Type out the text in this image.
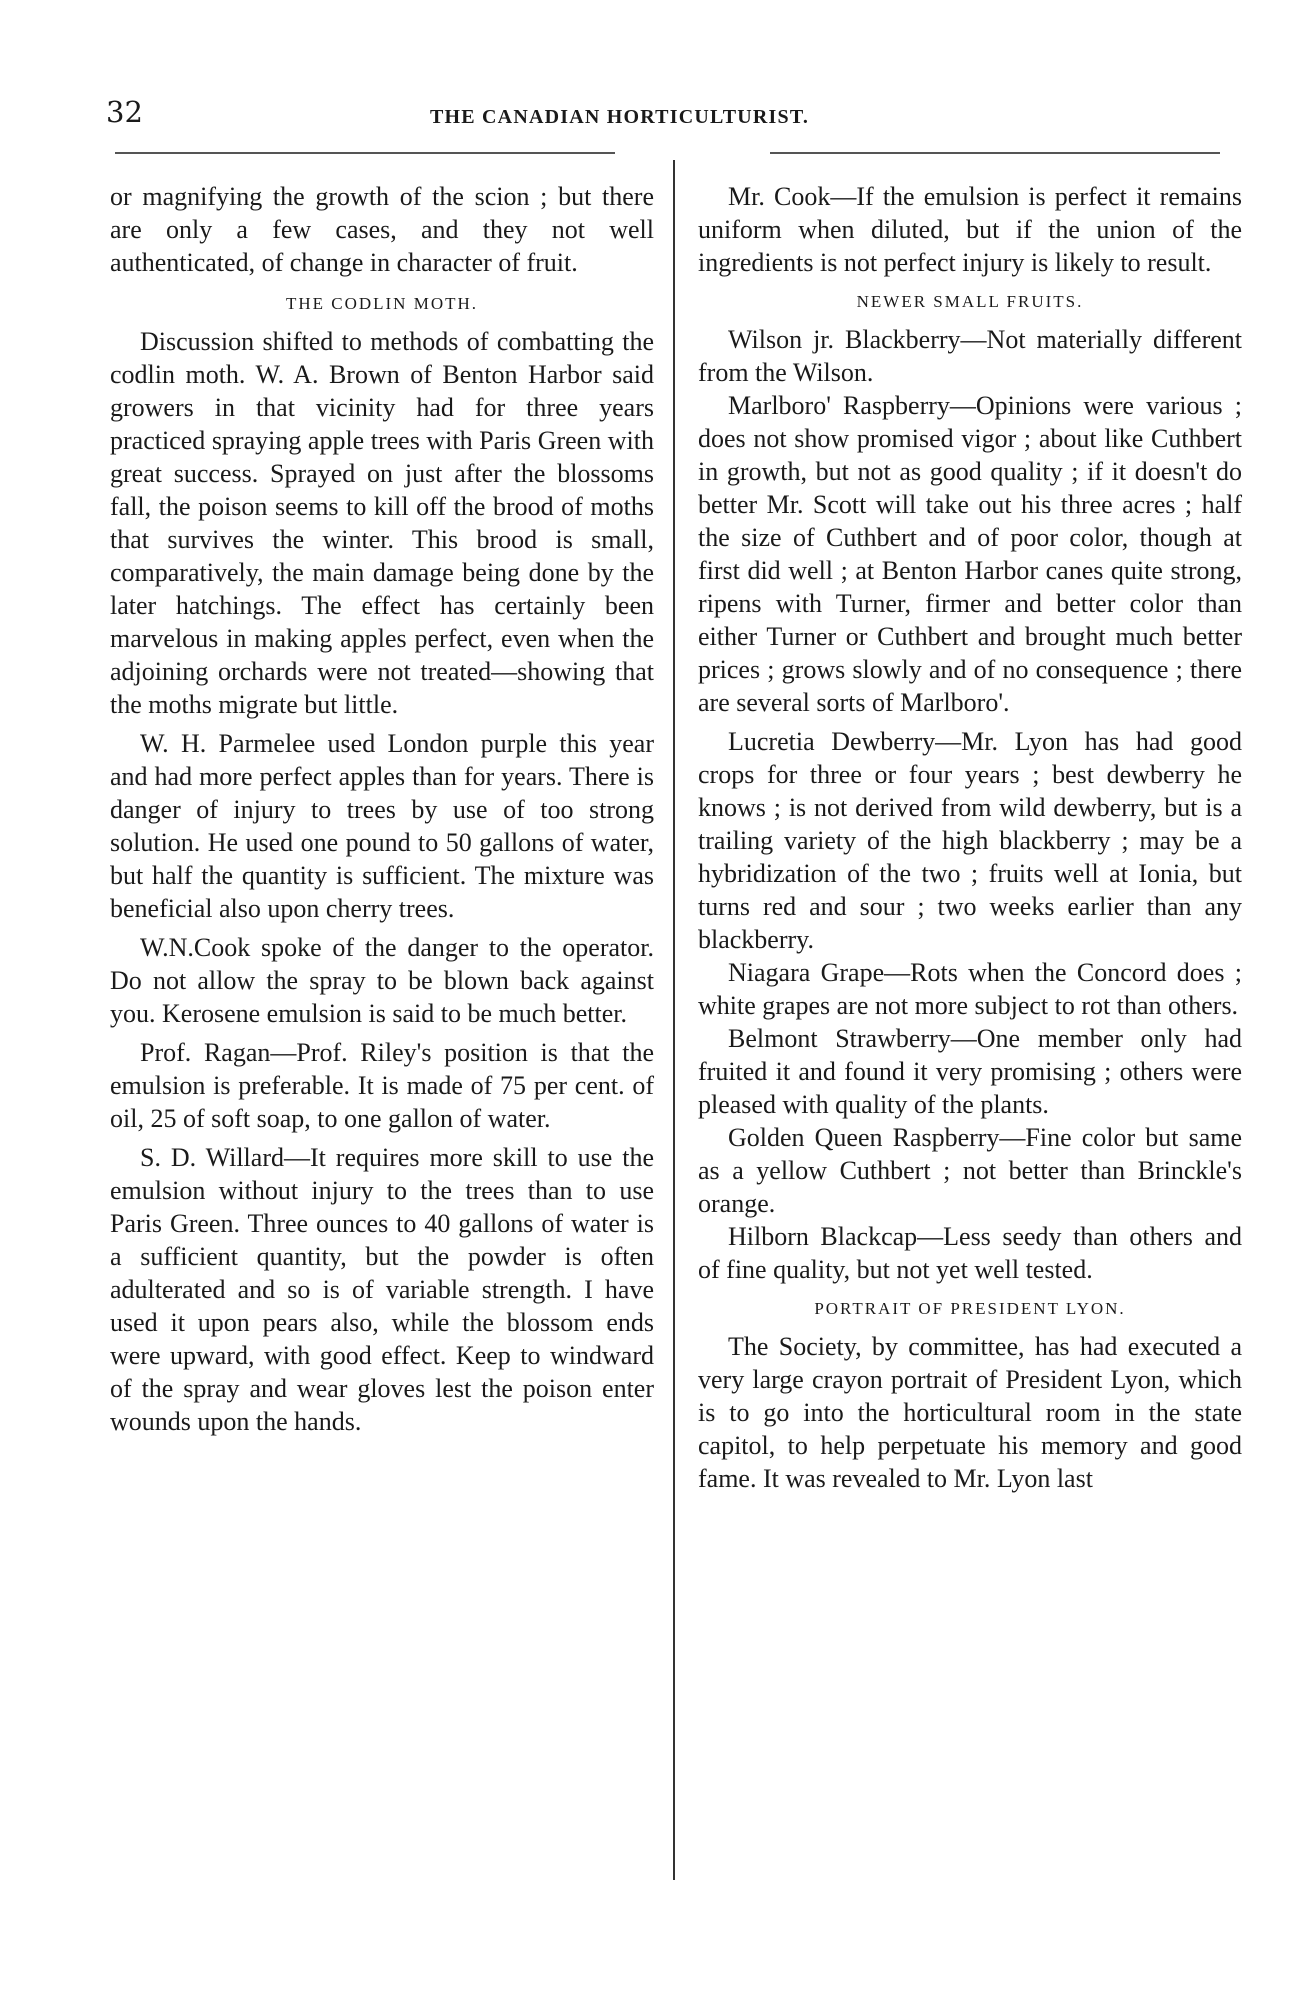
32	THE CANADIAN HORTICULTURIST.

or magnifying the growth of the scion ; but there are only a few cases, and they not well authenticated, of change in character of fruit.

THE CODLIN MOTH.

Discussion shifted to methods of combatting the codlin moth. W. A. Brown of Benton Harbor said growers in that vicinity had for three years practiced spraying apple trees with Paris Green with great success. Sprayed on just after the blossoms fall, the poison seems to kill off the brood of moths that survives the winter. This brood is small, comparatively, the main damage being done by the later hatchings. The effect has certainly been marvelous in making apples perfect, even when the adjoining orchards were not treated—showing that the moths migrate but little.

W. H. Parmelee used London purple this year and had more perfect apples than for years. There is danger of injury to trees by use of too strong solution. He used one pound to 50 gallons of water, but half the quantity is sufficient. The mixture was beneficial also upon cherry trees.

W.N.Cook spoke of the danger to the operator. Do not allow the spray to be blown back against you. Kerosene emulsion is said to be much better.

Prof. Ragan—Prof. Riley's position is that the emulsion is preferable. It is made of 75 per cent. of oil, 25 of soft soap, to one gallon of water.

S. D. Willard—It requires more skill to use the emulsion without injury to the trees than to use Paris Green. Three ounces to 40 gallons of water is a sufficient quantity, but the powder is often adulterated and so is of variable strength. I have used it upon pears also, while the blossom ends were upward, with good effect. Keep to windward of the spray and wear gloves lest the poison enter wounds upon the hands.

Mr. Cook—If the emulsion is perfect it remains uniform when diluted, but if the union of the ingredients is not perfect injury is likely to result.

NEWER SMALL FRUITS.

Wilson jr. Blackberry—Not materially different from the Wilson.

Marlboro' Raspberry—Opinions were various ; does not show promised vigor ; about like Cuthbert in growth, but not as good quality ; if it doesn't do better Mr. Scott will take out his three acres ; half the size of Cuthbert and of poor color, though at first did well ; at Benton Harbor canes quite strong, ripens with Turner, firmer and better color than either Turner or Cuthbert and brought much better prices ; grows slowly and of no consequence ; there are several sorts of Marlboro'.

Lucretia Dewberry—Mr. Lyon has had good crops for three or four years ; best dewberry he knows ; is not derived from wild dewberry, but is a trailing variety of the high blackberry ; may be a hybridization of the two ; fruits well at Ionia, but turns red and sour ; two weeks earlier than any blackberry.

Niagara Grape—Rots when the Concord does ; white grapes are not more subject to rot than others.

Belmont Strawberry—One member only had fruited it and found it very promising ; others were pleased with quality of the plants.

Golden Queen Raspberry—Fine color but same as a yellow Cuthbert ; not better than Brinckle's orange.

Hilborn Blackcap—Less seedy than others and of fine quality, but not yet well tested.

PORTRAIT OF PRESIDENT LYON.

The Society, by committee, has had executed a very large crayon portrait of President Lyon, which is to go into the horticultural room in the state capitol, to help perpetuate his memory and good fame. It was revealed to Mr. Lyon last
